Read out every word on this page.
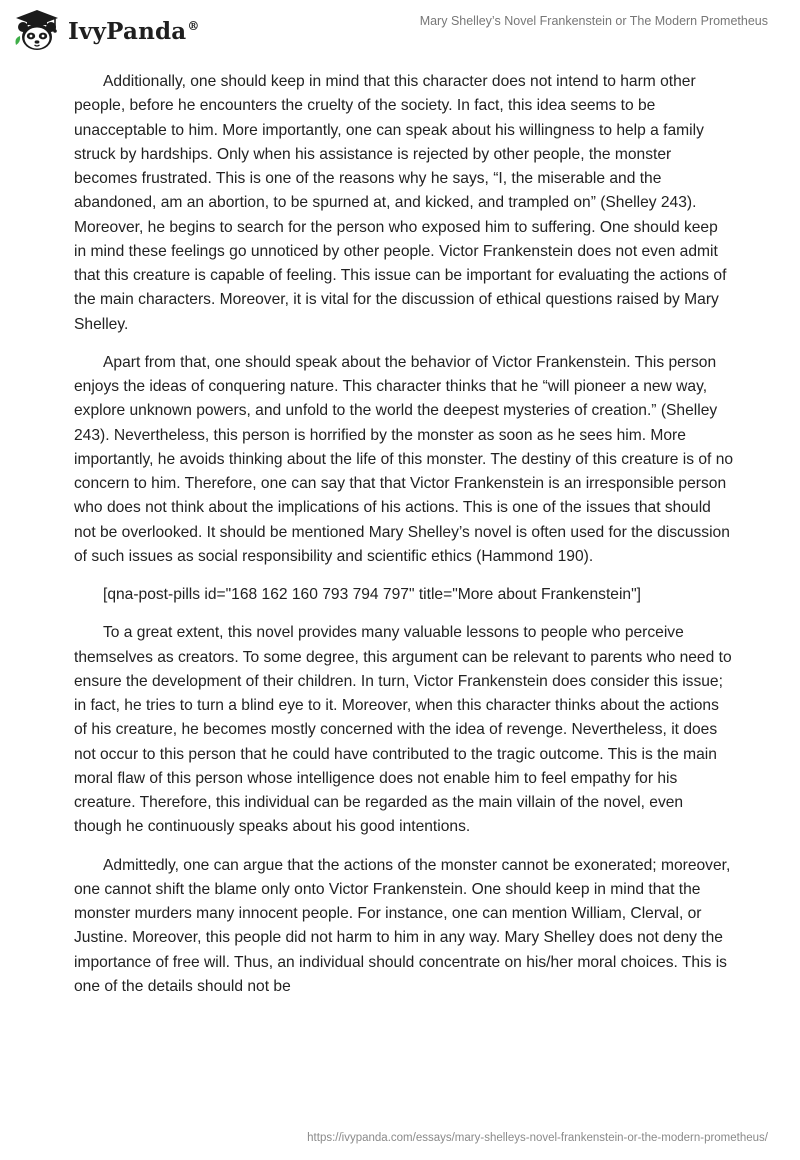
IvyPanda®	Mary Shelley’s Novel Frankenstein or The Modern Prometheus

Additionally, one should keep in mind that this character does not intend to harm other people, before he encounters the cruelty of the society. In fact, this idea seems to be unacceptable to him. More importantly, one can speak about his willingness to help a family struck by hardships. Only when his assistance is rejected by other people, the monster becomes frustrated. This is one of the reasons why he says, “I, the miserable and the abandoned, am an abortion, to be spurned at, and kicked, and trampled on” (Shelley 243). Moreover, he begins to search for the person who exposed him to suffering. One should keep in mind these feelings go unnoticed by other people. Victor Frankenstein does not even admit that this creature is capable of feeling. This issue can be important for evaluating the actions of the main characters. Moreover, it is vital for the discussion of ethical questions raised by Mary Shelley.

Apart from that, one should speak about the behavior of Victor Frankenstein. This person enjoys the ideas of conquering nature. This character thinks that he “will pioneer a new way, explore unknown powers, and unfold to the world the deepest mysteries of creation.” (Shelley 243). Nevertheless, this person is horrified by the monster as soon as he sees him. More importantly, he avoids thinking about the life of this monster. The destiny of this creature is of no concern to him. Therefore, one can say that that Victor Frankenstein is an irresponsible person who does not think about the implications of his actions. This is one of the issues that should not be overlooked. It should be mentioned Mary Shelley’s novel is often used for the discussion of such issues as social responsibility and scientific ethics (Hammond 190).

[qna-post-pills id="168 162 160 793 794 797" title="More about Frankenstein"]

To a great extent, this novel provides many valuable lessons to people who perceive themselves as creators. To some degree, this argument can be relevant to parents who need to ensure the development of their children. In turn, Victor Frankenstein does consider this issue; in fact, he tries to turn a blind eye to it. Moreover, when this character thinks about the actions of his creature, he becomes mostly concerned with the idea of revenge. Nevertheless, it does not occur to this person that he could have contributed to the tragic outcome. This is the main moral flaw of this person whose intelligence does not enable him to feel empathy for his creature. Therefore, this individual can be regarded as the main villain of the novel, even though he continuously speaks about his good intentions.

Admittedly, one can argue that the actions of the monster cannot be exonerated; moreover, one cannot shift the blame only onto Victor Frankenstein. One should keep in mind that the monster murders many innocent people. For instance, one can mention William, Clerval, or Justine. Moreover, this people did not harm to him in any way. Mary Shelley does not deny the importance of free will. Thus, an individual should concentrate on his/her moral choices. This is one of the details should not be

https://ivypanda.com/essays/mary-shelleys-novel-frankenstein-or-the-modern-prometheus/
